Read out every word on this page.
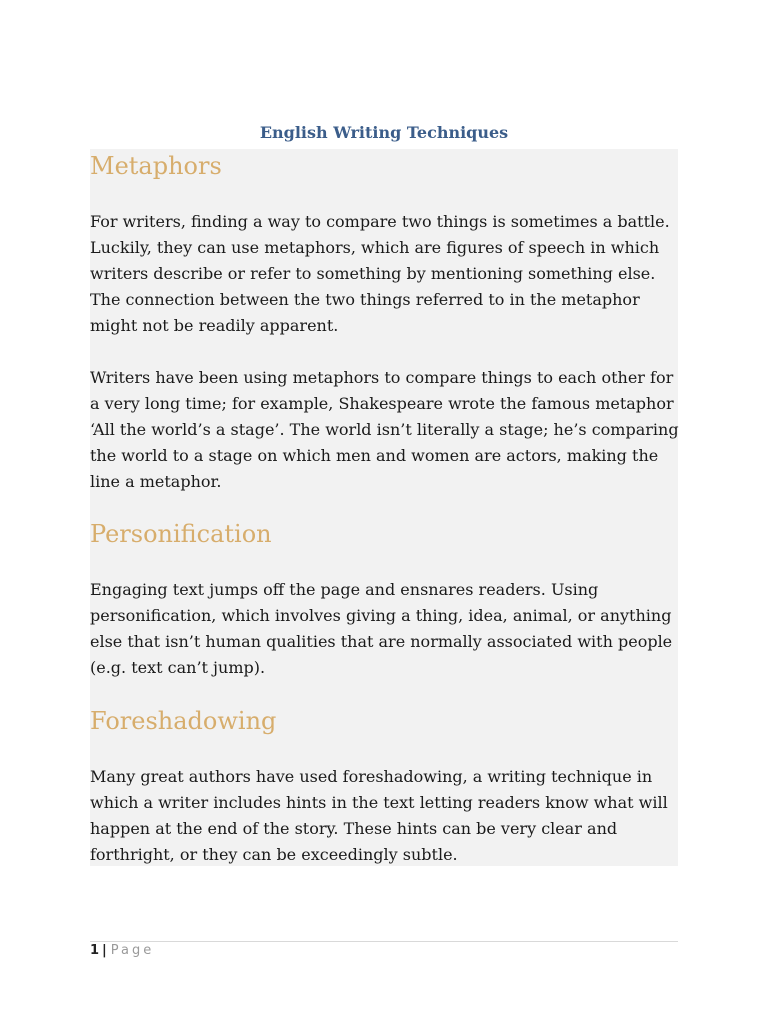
English Writing Techniques
Metaphors
For writers, finding a way to compare two things is sometimes a battle. Luckily, they can use metaphors, which are figures of speech in which writers describe or refer to something by mentioning something else. The connection between the two things referred to in the metaphor might not be readily apparent.
Writers have been using metaphors to compare things to each other for a very long time; for example, Shakespeare wrote the famous metaphor ‘All the world’s a stage’. The world isn’t literally a stage; he’s comparing the world to a stage on which men and women are actors, making the line a metaphor.
Personification
Engaging text jumps off the page and ensnares readers. Using personification, which involves giving a thing, idea, animal, or anything else that isn’t human qualities that are normally associated with people (e.g. text can’t jump).
Foreshadowing
Many great authors have used foreshadowing, a writing technique in which a writer includes hints in the text letting readers know what will happen at the end of the story. These hints can be very clear and forthright, or they can be exceedingly subtle.
1 | Page
